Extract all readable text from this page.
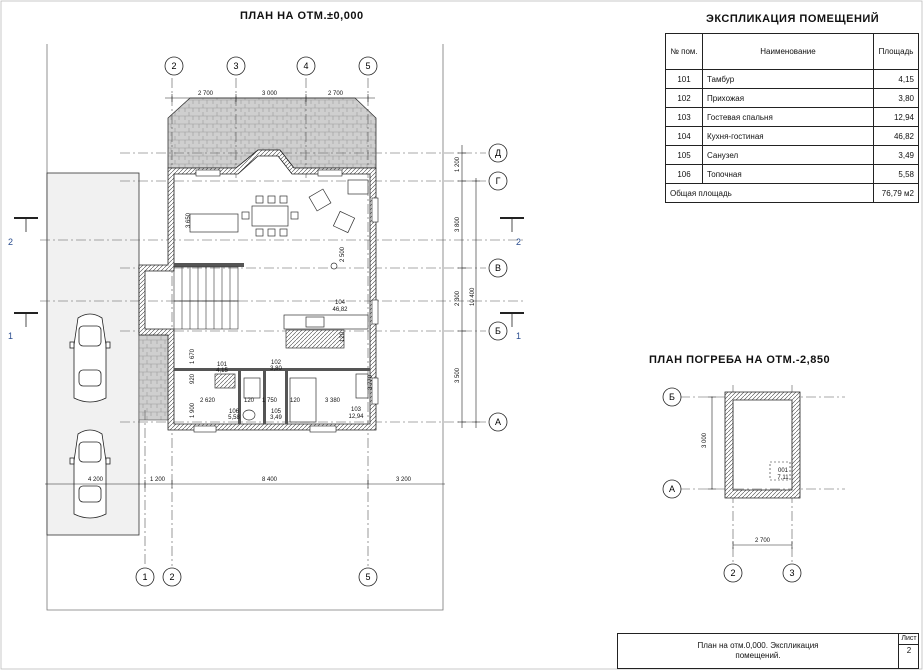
ПЛАН НА ОТМ.±0,000	ЭКСПЛИКАЦИЯ ПОМЕЩЕНИЙ
ПЛАН ПОГРЕБА НА ОТМ.-2,850
№ пом.	Наименование	Площадь
101	Тамбур	4,15
102	Прихожая	3,80
103	Гостевая спальня	12,94
104	Кухня-гостиная	46,82
105	Санузел	3,49
106	Топочная	5,58
Общая площадь		76,79 м2
2 700	3 000	2 700
1 200	8 400	3 200
4 200
10 400
1 200
3 800
2 300
3 500
2 620	1 750	3 380
1 900
3 770
3 650
2 500
1 670
920
120	120
120
104
46,82
101
4,15
102
3,80
103
12,94
105
3,49
106
5,58
2	3	4	5
1 2	5
Д
Г
В
Б
А
2	2
1	1
3 000
2 700
001
7,11
Б
А
2	3
План на отм.0,000. Экспликация
помещений.
Лист
2
